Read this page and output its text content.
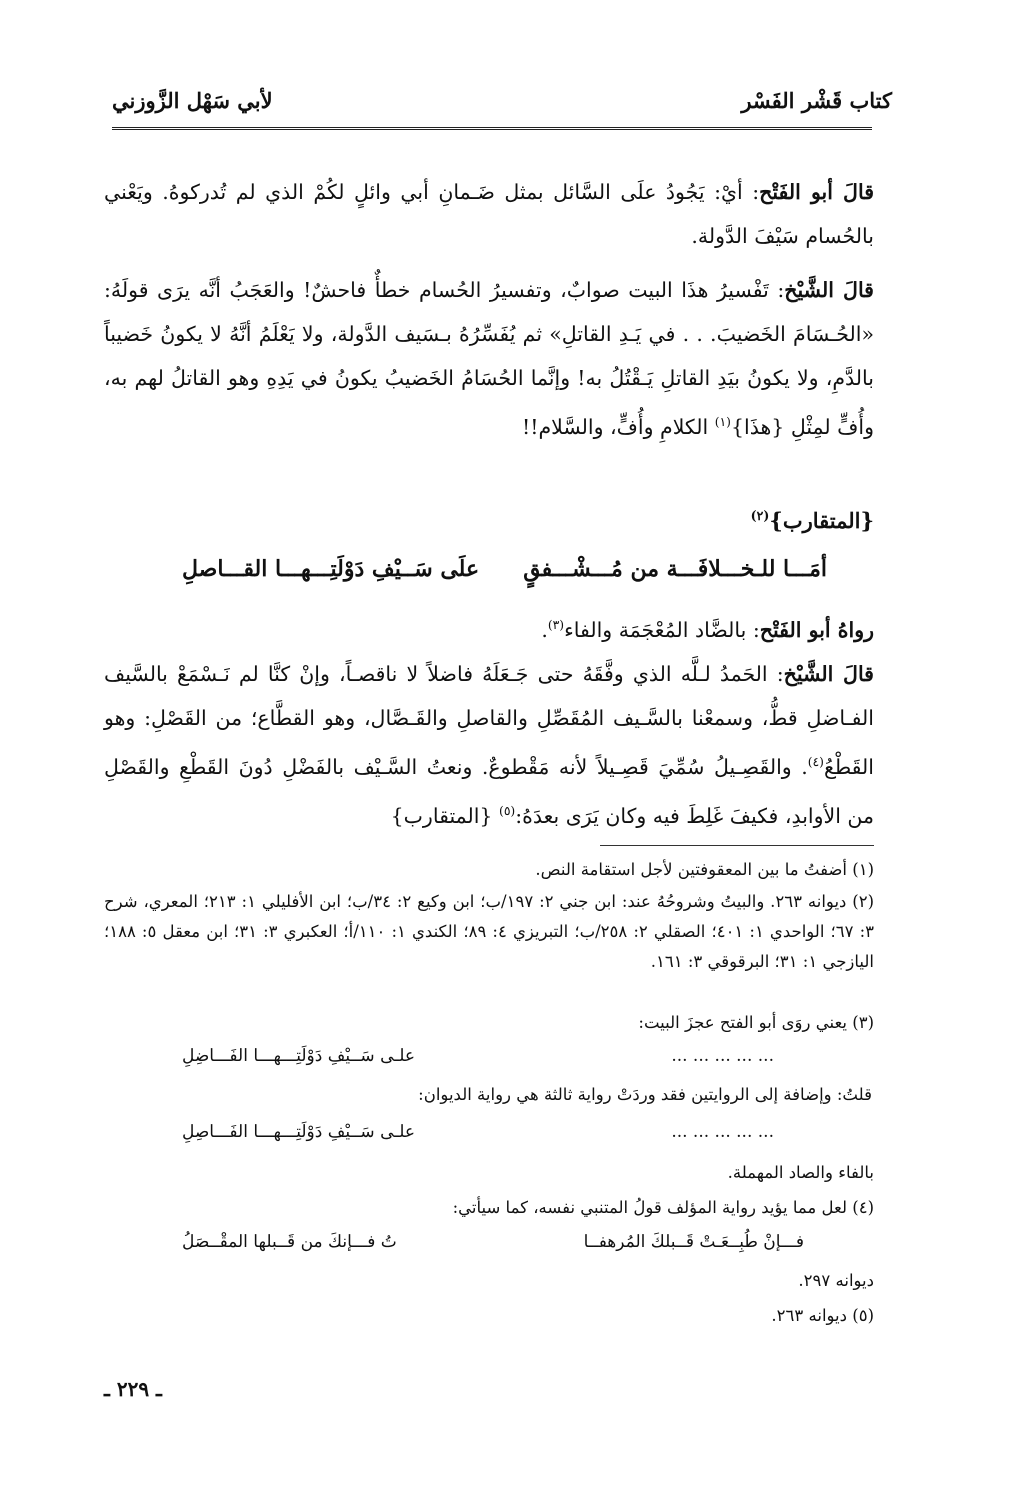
كتاب قَشْر الفَسْر
لأبي سَهْل الزَّوزني

قالَ أبو الفَتْح: أيْ: يَجُودُ علَى السَّائل بمثل ضَـمانِ أبي وائلٍ لكُمْ الذي لم تُدركوهُ. ويَعْني بالحُسام سَيْفَ الدَّولة.

قالَ الشَّيْخ: تَفْسيرُ هذَا البيت صوابٌ، وتفسيرُ الحُسام خطأٌ فاحشٌ! والعَجَبُ أنَّه يرَى قولَهُ: «الحُـسَامَ الخَضيبَ. . . في يَـدِ القاتلِ» ثم يُفَسِّرُهُ بـسَيف الدَّولة، ولا يَعْلَمُ أنَّهُ لا يكونُ خَضيباً بالدَّمِ، ولا يكونُ بيَدِ القاتلِ يَـقْتُلُ به! وإنَّما الحُسَامُ الخَضيبُ يكونُ في يَدِهِ وهو القاتلُ لهم به، وأُفٍّ لمِثْلِ {هذَا}$^{(١)}$ الكلامِ وأُفٍّ، والسَّلام!!

{المتقارب}$^{(٢)}$
أمَـــا للـخـــلافَـــة من مُـــشْـــفقٍ
علَى سَــيْفِ دَوْلَتِـــهـــا القـــاصلِ

رواهُ أبو الفَتْح: بالضَّاد المُعْجَمَة والفاء$^{(٣)}$.

قالَ الشَّيْخ: الحَمدُ لـلَّه الذي وفَّقَهُ حتى جَـعَلَهُ فاضلاً لا ناقصـاً، وإنْ كنَّا لم نَـسْمَعْ بالسَّيف الفـاضلِ قطُّ، وسمعْنا بالسَّـيف المُقَصِّلِ والقاصلِ والقَـصَّال، وهو القطَّاع؛ من القَصْلِ: وهو القَطْعُ$^{(٤)}$. والقَصِـيلُ سُمِّيَ قَصِـيلاً لأنه مَقْطوعٌ. ونعتُ السَّـيْف بالفَضْلِ دُونَ القَطْعِ والقَصْلِ من الأوابدِ، فكيفَ غَلِطَ فيه وكان يَرَى بعدَهُ:$^{(٥)}$ {المتقارب}

(١) أضفتُ ما بين المعقوفتين لأجل استقامة النص.
(٢) ديوانه ٢٦٣. والبيتُ وشروحُهُ عند: ابن جني ٢: ١٩٧/ب؛ ابن وكيع ٢: ٣٤/ب؛ ابن الأفليلي ١: ٢١٣؛ المعري، شرح ٣: ٦٧؛ الواحدي ١: ٤٠١؛ الصقلي ٢: ٢٥٨/ب؛ التبريزي ٤: ٨٩؛ الكندي ١: ١١٠/أ؛ العكبري ٣: ٣١؛ ابن معقل ٥: ١٨٨؛ اليازجي ١: ٣١؛ البرقوقي ٣: ١٦١.
(٣) يعني روَى أبو الفتح عجزَ البيت:
... ... ... ... ...
علـى سَــيْفِ دَوْلَتِـــهـــا الفَـــاضِلِ
قلتُ: وإضافة إلى الروايتين فقد وردَتْ رواية ثالثة هي رواية الديوان:
... ... ... ... ...
علـى سَــيْفِ دَوْلَتِـــهـــا الفَـــاصِلِ
بالفاء والصاد المهملة.
(٤) لعل مما يؤيد رواية المؤلف قولُ المتنبي نفسه، كما سيأتي:
فـــإنْ طُبِــعَـتْ قَــبلكَ المُرهفــا
تُ فـــإنكَ من قَــبلها المقْــصَلُ
ديوانه ٢٩٧.
(٥) ديوانه ٢٦٣.
ـ ٢٢٩ ـ
